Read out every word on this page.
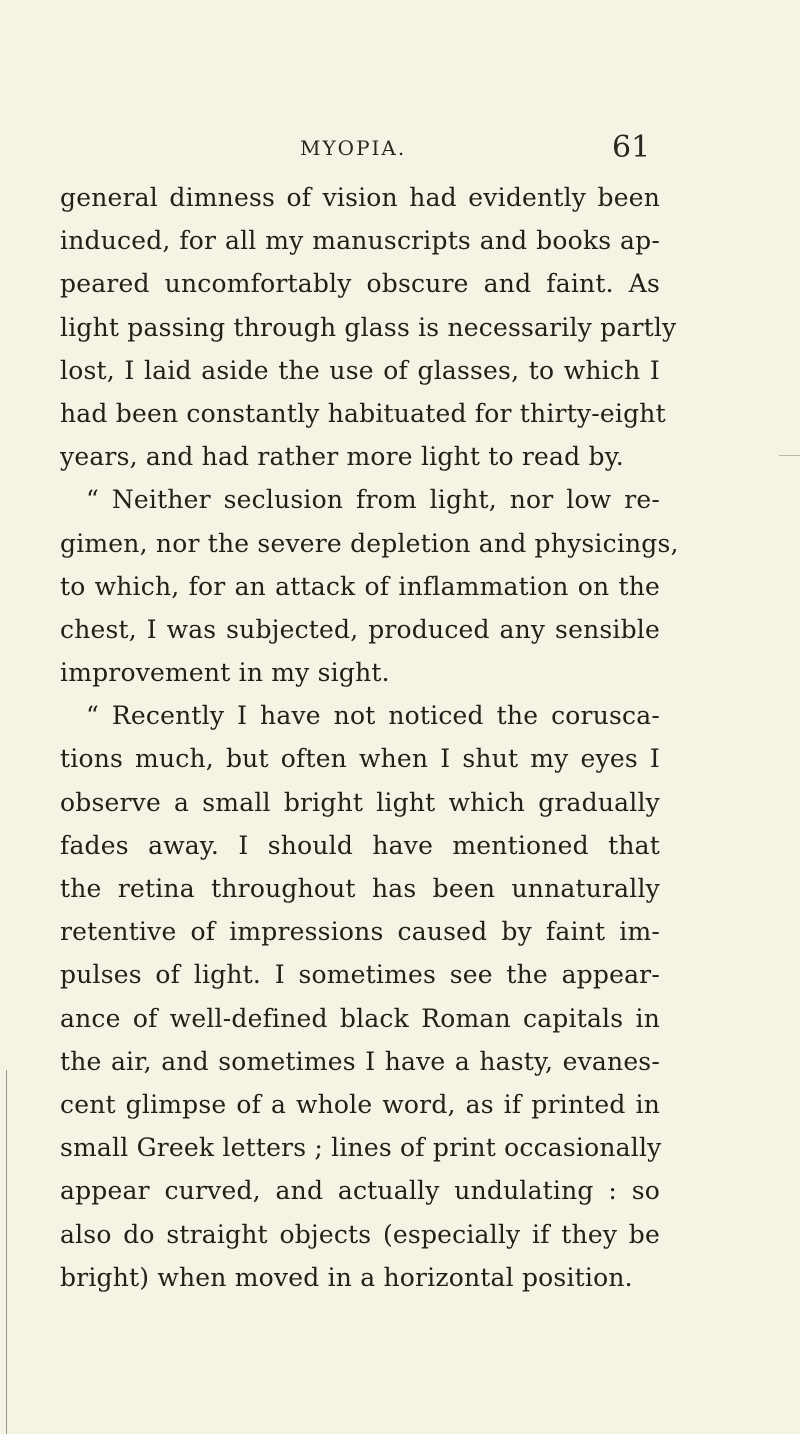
MYOPIA.	61
general dimness of vision had evidently been
induced, for all my manuscripts and books ap-
peared uncomfortably obscure and faint. As
light passing through glass is necessarily partly
lost, I laid aside the use of glasses, to which I
had been constantly habituated for thirty-eight
years, and had rather more light to read by.
“ Neither seclusion from light, nor low re-
gimen, nor the severe depletion and physicings,
to which, for an attack of inflammation on the
chest, I was subjected, produced any sensible
improvement in my sight.
“ Recently I have not noticed the corusca-
tions much, but often when I shut my eyes I
observe a small bright light which gradually
fades away. I should have mentioned that
the retina throughout has been unnaturally
retentive of impressions caused by faint im-
pulses of light. I sometimes see the appear-
ance of well-defined black Roman capitals in
the air, and sometimes I have a hasty, evanes-
cent glimpse of a whole word, as if printed in
small Greek letters ; lines of print occasionally
appear curved, and actually undulating : so
also do straight objects (especially if they be
bright) when moved in a horizontal position.
